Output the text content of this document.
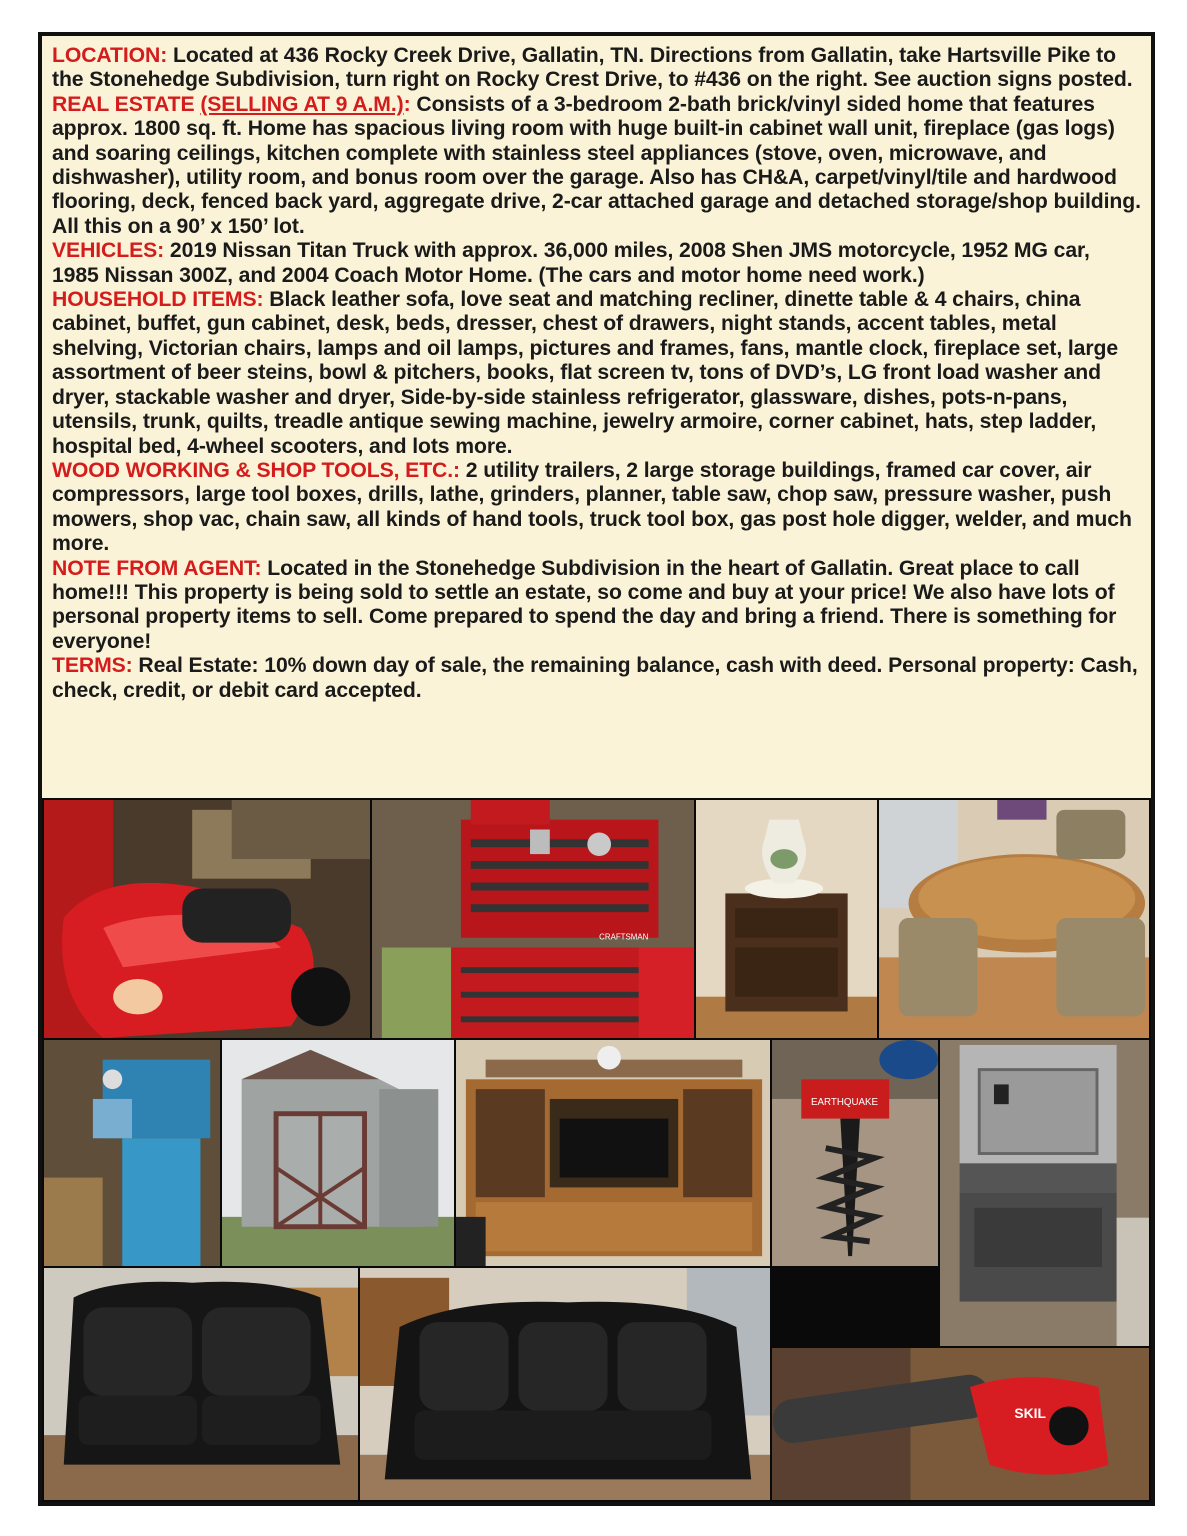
LOCATION: Located at 436 Rocky Creek Drive, Gallatin, TN. Directions from Gallatin, take Hartsville Pike to the Stonehedge Subdivision, turn right on Rocky Crest Drive, to #436 on the right. See auction signs posted.

REAL ESTATE (SELLING AT 9 A.M.): Consists of a 3-bedroom 2-bath brick/vinyl sided home that features approx. 1800 sq. ft. Home has spacious living room with huge built-in cabinet wall unit, fireplace (gas logs) and soaring ceilings, kitchen complete with stainless steel appliances (stove, oven, microwave, and dishwasher), utility room, and bonus room over the garage. Also has CH&A, carpet/vinyl/tile and hardwood flooring, deck, fenced back yard, aggregate drive, 2-car attached garage and detached storage/shop building. All this on a 90’ x 150’ lot.

VEHICLES: 2019 Nissan Titan Truck with approx. 36,000 miles, 2008 Shen JMS motorcycle, 1952 MG car, 1985 Nissan 300Z, and 2004 Coach Motor Home. (The cars and motor home need work.)

HOUSEHOLD ITEMS: Black leather sofa, love seat and matching recliner, dinette table & 4 chairs, china cabinet, buffet, gun cabinet, desk, beds, dresser, chest of drawers, night stands, accent tables, metal shelving, Victorian chairs, lamps and oil lamps, pictures and frames, fans, mantle clock, fireplace set, large assortment of beer steins, bowl & pitchers, books, flat screen tv, tons of DVD’s, LG front load washer and dryer, stackable washer and dryer, Side-by-side stainless refrigerator, glassware, dishes, pots-n-pans, utensils, trunk, quilts, treadle antique sewing machine, jewelry armoire, corner cabinet, hats, step ladder, hospital bed, 4-wheel scooters, and lots more.

WOOD WORKING & SHOP TOOLS, ETC.: 2 utility trailers, 2 large storage buildings, framed car cover, air compressors, large tool boxes, drills, lathe, grinders, planner, table saw, chop saw, pressure washer, push mowers, shop vac, chain saw, all kinds of hand tools, truck tool box, gas post hole digger, welder, and much more.

NOTE FROM AGENT: Located in the Stonehedge Subdivision in the heart of Gallatin. Great place to call home!!! This property is being sold to settle an estate, so come and buy at your price! We also have lots of personal property items to sell. Come prepared to spend the day and bring a friend. There is something for everyone!

TERMS: Real Estate: 10% down day of sale, the remaining balance, cash with deed. Personal property: Cash, check, credit, or debit card accepted.

CRAFTSMAN
EARTHQUAKE
SKIL
